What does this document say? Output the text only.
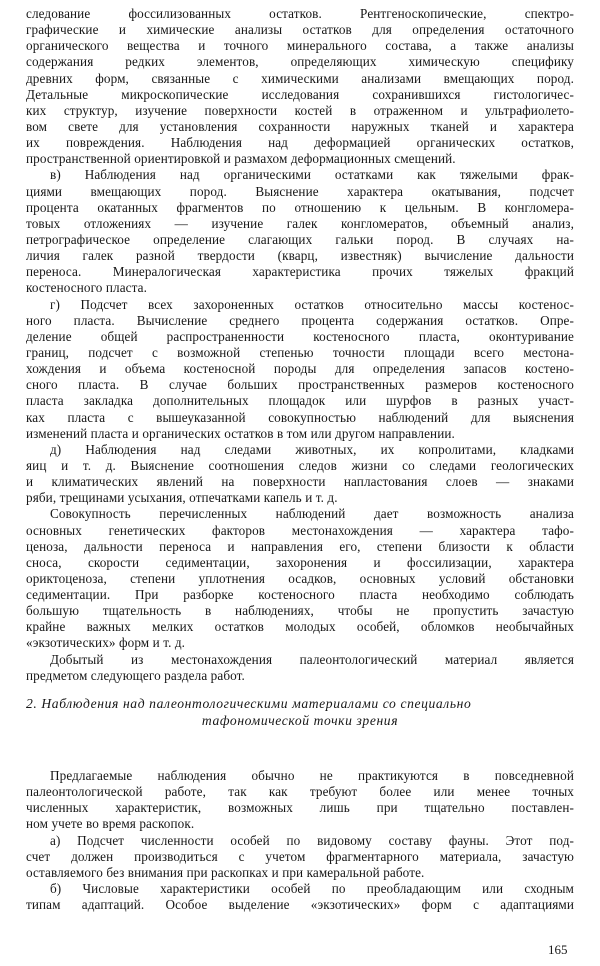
следование фоссилизованных остатков. Рентгеноскопические, спектро-
графические и химические анализы остатков для определения остаточного
органического вещества и точного минерального состава, а также анализы
содержания редких элементов, определяющих химическую специфику
древних форм, связанные с химическими анализами вмещающих пород.
Детальные микроскопические исследования сохранившихся гистологичес-
ких структур, изучение поверхности костей в отраженном и ультрафиолето-
вом свете для установления сохранности наружных тканей и характера
их повреждения. Наблюдения над деформацией органических остатков,
пространственной ориентировкой и размахом деформационных смещений.
в) Наблюдения над органическими остатками как тяжелыми фрак-
циями вмещающих пород. Выяснение характера окатывания, подсчет
процента окатанных фрагментов по отношению к цельным. В конгломера-
товых отложениях — изучение галек конгломератов, объемный анализ,
петрографическое определение слагающих гальки пород. В случаях на-
личия галек разной твердости (кварц, известняк) вычисление дальности
переноса. Минералогическая характеристика прочих тяжелых фракций
костеносного пласта.
г) Подсчет всех захороненных остатков относительно массы костенос-
ного пласта. Вычисление среднего процента содержания остатков. Опре-
деление общей распространенности костеносного пласта, оконтуривание
границ, подсчет с возможной степенью точности площади всего местона-
хождения и объема костеносной породы для определения запасов костено-
сного пласта. В случае больших пространственных размеров костеносного
пласта закладка дополнительных площадок или шурфов в разных участ-
ках пласта с вышеуказанной совокупностью наблюдений для выяснения
изменений пласта и органических остатков в том или другом направлении.
д) Наблюдения над следами животных, их копролитами, кладками
яиц и т. д. Выяснение соотношения следов жизни со следами геологических
и климатических явлений на поверхности напластования слоев — знаками
ряби, трещинами усыхания, отпечатками капель и т. д.
Совокупность перечисленных наблюдений дает возможность анализа
основных генетических факторов местонахождения — характера тафо-
ценоза, дальности переноса и направления его, степени близости к области
сноса, скорости седиментации, захоронения и фоссилизации, характера
ориктоценоза, степени уплотнения осадков, основных условий обстановки
седиментации. При разборке костеносного пласта необходимо соблюдать
большую тщательность в наблюдениях, чтобы не пропустить зачастую
крайне важных мелких остатков молодых особей, обломков необычайных
«экзотических» форм и т. д.
Добытый из местонахождения палеонтологический материал является
предметом следующего раздела работ.
2. Наблюдения над палеонтологическими материалами со специально
тафономической точки зрения
Предлагаемые наблюдения обычно не практикуются в повседневной
палеонтологической работе, так как требуют более или менее точных
численных характеристик, возможных лишь при тщательно поставлен-
ном учете во время раскопок.
а) Подсчет численности особей по видовому составу фауны. Этот под-
счет должен производиться с учетом фрагментарного материала, зачастую
оставляемого без внимания при раскопках и при камеральной работе.
б) Числовые характеристики особей по преобладающим или сходным
типам адаптаций. Особое выделение «экзотических» форм с адаптациями
165
